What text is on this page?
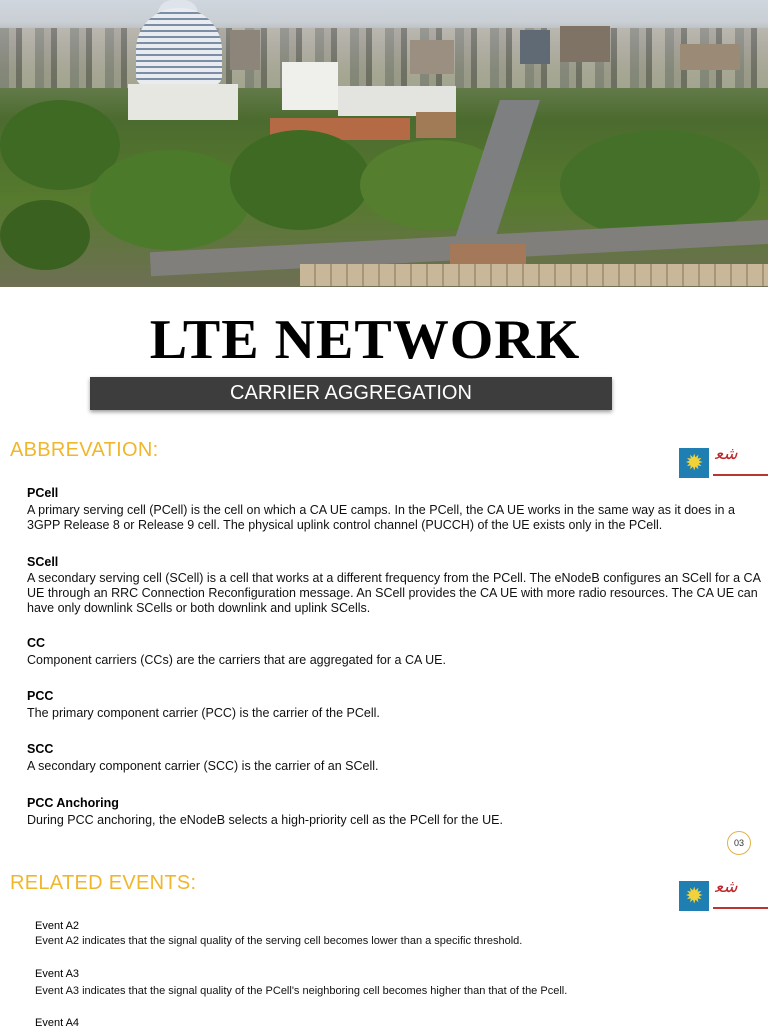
LTE NETWORK
CARRIER AGGREGATION
ABBREVATION:	✹ ﺷﻌ
PCell
A primary serving cell (PCell) is the cell on which a CA UE camps. In the PCell, the CA UE works in the same way as it does in a 3GPP Release 8 or Release 9 cell. The physical uplink control channel (PUCCH) of the UE exists only in the PCell.
SCell
A secondary serving cell (SCell) is a cell that works at a different frequency from the PCell. The eNodeB configures an SCell for a CA UE through an RRC Connection Reconfiguration message. An SCell provides the CA UE with more radio resources. The CA UE can have only downlink SCells or both downlink and uplink SCells.
CC
Component carriers (CCs) are the carriers that are aggregated for a CA UE.
PCC
The primary component carrier (PCC) is the carrier of the PCell.
SCC
A secondary component carrier (SCC) is the carrier of an SCell.
PCC Anchoring
During PCC anchoring, the eNodeB selects a high-priority cell as the PCell for the UE.
03
RELATED EVENTS:	✹ ﺷﻌ
Event A2
Event A2 indicates that the signal quality of the serving cell becomes lower than a specific threshold.
Event A3
Event A3 indicates that the signal quality of the PCell's neighboring cell becomes higher than that of the Pcell.
Event A4
